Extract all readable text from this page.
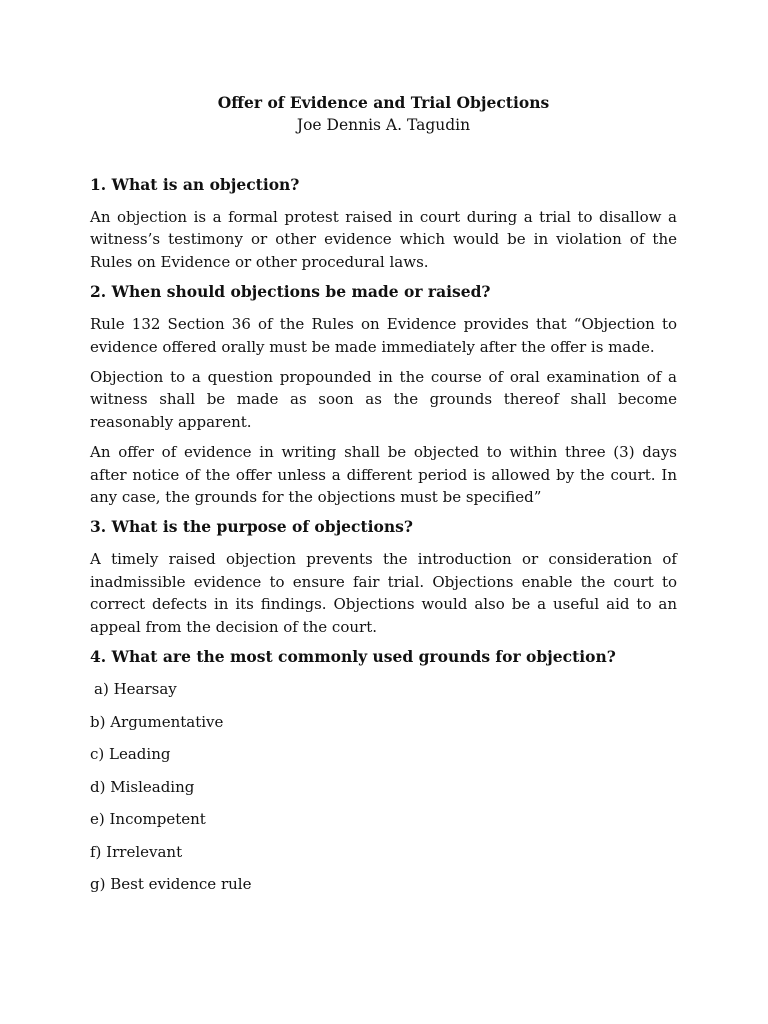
Offer of Evidence and Trial Objections

Joe Dennis A. Tagudin

1. What is an objection?

An objection is a formal protest raised in court during a trial to disallow a witness’s testimony or other evidence which would be in violation of the Rules on Evidence or other procedural laws.

2. When should objections be made or raised?

Rule 132 Section 36 of the Rules on Evidence provides that “Objection to evidence offered orally must be made immediately after the offer is made.

Objection to a question propounded in the course of oral examination of a witness shall be made as soon as the grounds thereof shall become reasonably apparent.

An offer of evidence in writing shall be objected to within three (3) days after notice of the offer unless a different period is allowed by the court. In any case, the grounds for the objections must be specified”

3. What is the purpose of objections?

A timely raised objection prevents the introduction or consideration of inadmissible evidence to ensure fair trial. Objections enable the court to correct defects in its findings. Objections would also be a useful aid to an appeal from the decision of the court.

4. What are the most commonly used grounds for objection?
a) Hearsay
b) Argumentative
c) Leading
d) Misleading
e) Incompetent
f) Irrelevant
g) Best evidence rule
